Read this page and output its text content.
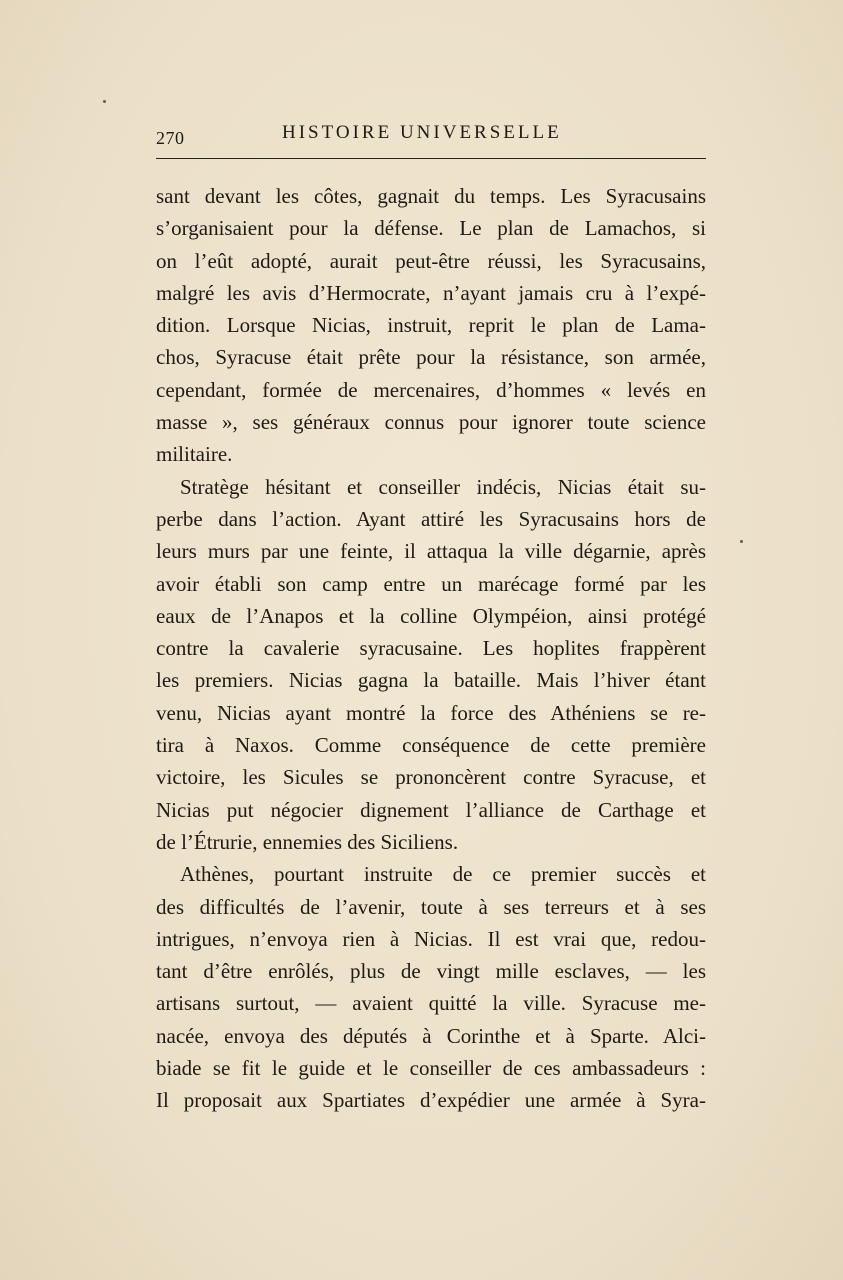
270	HISTOIRE UNIVERSELLE
sant devant les côtes, gagnait du temps. Les Syracusains
s’organisaient pour la défense. Le plan de Lamachos, si
on l’eût adopté, aurait peut-être réussi, les Syracusains,
malgré les avis d’Hermocrate, n’ayant jamais cru à l’expé-
dition. Lorsque Nicias, instruit, reprit le plan de Lama-
chos, Syracuse était prête pour la résistance, son armée,
cependant, formée de mercenaires, d’hommes « levés en
masse », ses généraux connus pour ignorer toute science
militaire.
Stratège hésitant et conseiller indécis, Nicias était su-
perbe dans l’action. Ayant attiré les Syracusains hors de
leurs murs par une feinte, il attaqua la ville dégarnie, après
avoir établi son camp entre un marécage formé par les
eaux de l’Anapos et la colline Olympéion, ainsi protégé
contre la cavalerie syracusaine. Les hoplites frappèrent
les premiers. Nicias gagna la bataille. Mais l’hiver étant
venu, Nicias ayant montré la force des Athéniens se re-
tira à Naxos. Comme conséquence de cette première
victoire, les Sicules se prononcèrent contre Syracuse, et
Nicias put négocier dignement l’alliance de Carthage et
de l’Étrurie, ennemies des Siciliens.
Athènes, pourtant instruite de ce premier succès et
des difficultés de l’avenir, toute à ses terreurs et à ses
intrigues, n’envoya rien à Nicias. Il est vrai que, redou-
tant d’être enrôlés, plus de vingt mille esclaves, — les
artisans surtout, — avaient quitté la ville. Syracuse me-
nacée, envoya des députés à Corinthe et à Sparte. Alci-
biade se fit le guide et le conseiller de ces ambassadeurs :
Il proposait aux Spartiates d’expédier une armée à Syra-
